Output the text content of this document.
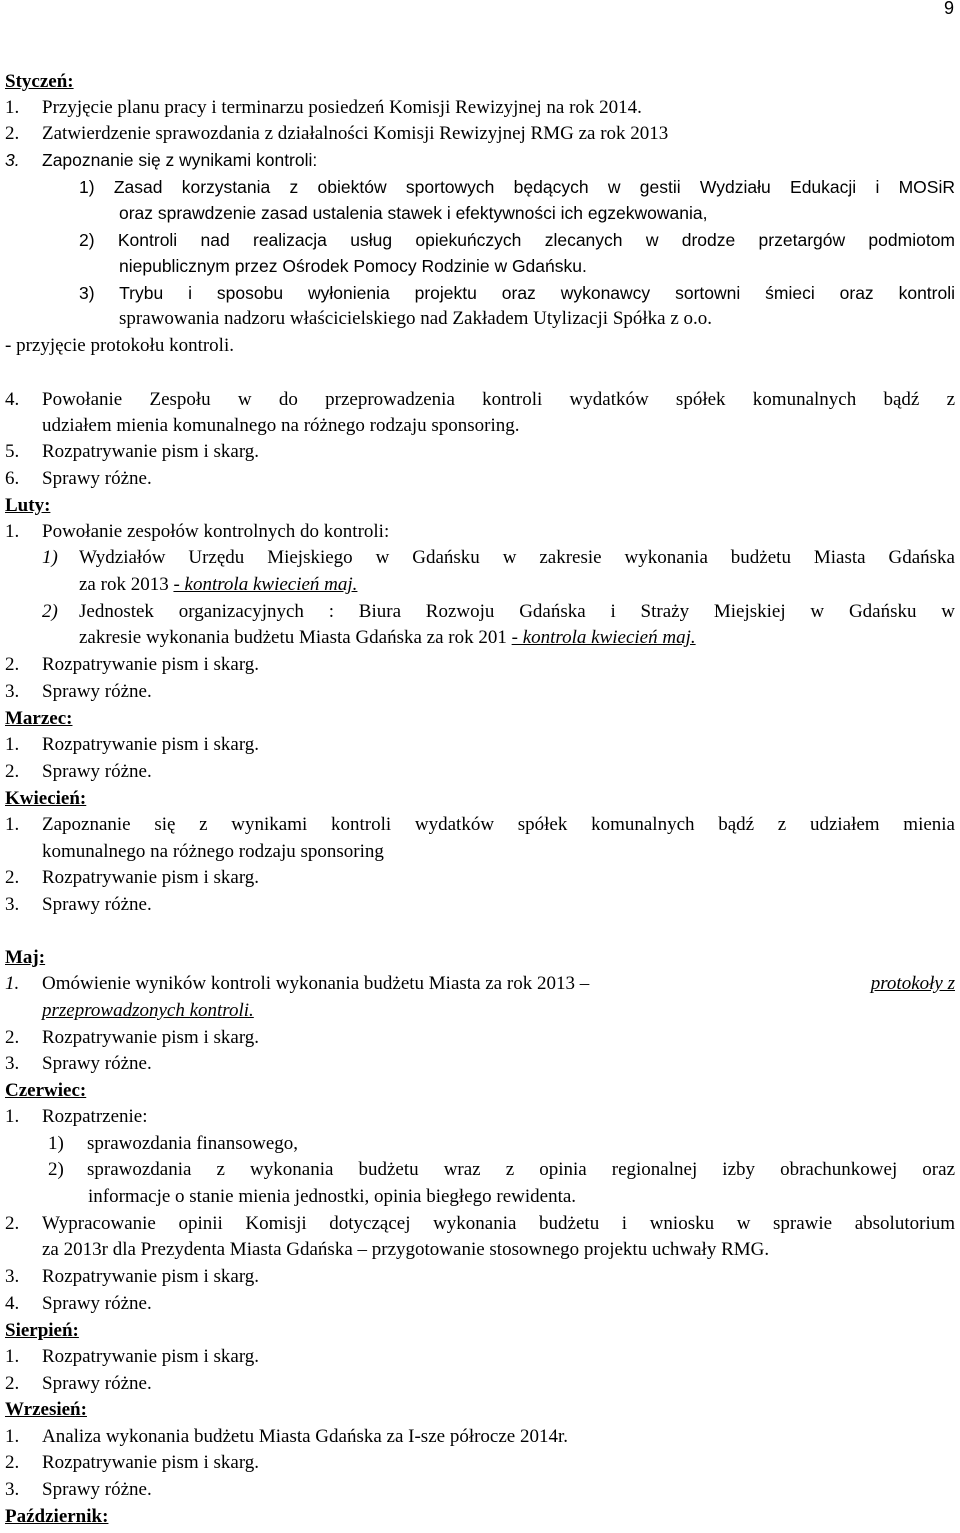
9
Styczeń:
1. Przyjęcie planu pracy i terminarzu posiedzeń Komisji Rewizyjnej na rok 2014.
2. Zatwierdzenie sprawozdania z działalności Komisji Rewizyjnej RMG za rok 2013
3. Zapoznanie się z wynikami kontroli:
1) Zasad korzystania z obiektów sportowych będących w gestii Wydziału Edukacji i MOSiR
oraz sprawdzenie zasad ustalenia stawek i efektywności ich egzekwowania,
2) Kontroli nad realizacja usług opiekuńczych zlecanych w drodze przetargów podmiotom
niepublicznym przez Ośrodek Pomocy Rodzinie w Gdańsku.
3) Trybu i sposobu wyłonienia projektu oraz wykonawcy sortowni śmieci oraz kontroli
sprawowania nadzoru właścicielskiego nad Zakładem Utylizacji Spółka z o.o.
- przyjęcie protokołu kontroli.
4. Powołanie Zespołu w do przeprowadzenia kontroli wydatków spółek komunalnych bądź z
udziałem mienia komunalnego na różnego rodzaju sponsoring.
5. Rozpatrywanie pism i skarg.
6. Sprawy różne.
Luty:
1. Powołanie zespołów kontrolnych do kontroli:
1) Wydziałów Urzędu Miejskiego w Gdańsku w zakresie wykonania budżetu Miasta Gdańska
za rok 2013 - kontrola kwiecień maj.
2) Jednostek organizacyjnych : Biura Rozwoju Gdańska i Straży Miejskiej w Gdańsku w
zakresie wykonania budżetu Miasta Gdańska za rok 201 - kontrola kwiecień maj.
2. Rozpatrywanie pism i skarg.
3. Sprawy różne.
Marzec:
1. Rozpatrywanie pism i skarg.
2. Sprawy różne.
Kwiecień:
1. Zapoznanie się z wynikami kontroli wydatków spółek komunalnych bądź z udziałem mienia
komunalnego na różnego rodzaju sponsoring
2. Rozpatrywanie pism i skarg.
3. Sprawy różne.
Maj:
1. Omówienie wyników kontroli wykonania budżetu Miasta za rok 2013 –	protokoły z
przeprowadzonych kontroli.
2. Rozpatrywanie pism i skarg.
3. Sprawy różne.
Czerwiec:
1. Rozpatrzenie:
1) sprawozdania finansowego,
2) sprawozdania z wykonania budżetu wraz z opinia regionalnej izby obrachunkowej oraz
informacje o stanie mienia jednostki, opinia biegłego rewidenta.
2. Wypracowanie opinii Komisji dotyczącej wykonania budżetu i wniosku w sprawie absolutorium
za 2013r dla Prezydenta Miasta Gdańska – przygotowanie stosownego projektu uchwały RMG.
3. Rozpatrywanie pism i skarg.
4. Sprawy różne.
Sierpień:
1. Rozpatrywanie pism i skarg.
2. Sprawy różne.
Wrzesień:
1. Analiza wykonania budżetu Miasta Gdańska za I-sze półrocze 2014r.
2. Rozpatrywanie pism i skarg.
3. Sprawy różne.
Październik:
